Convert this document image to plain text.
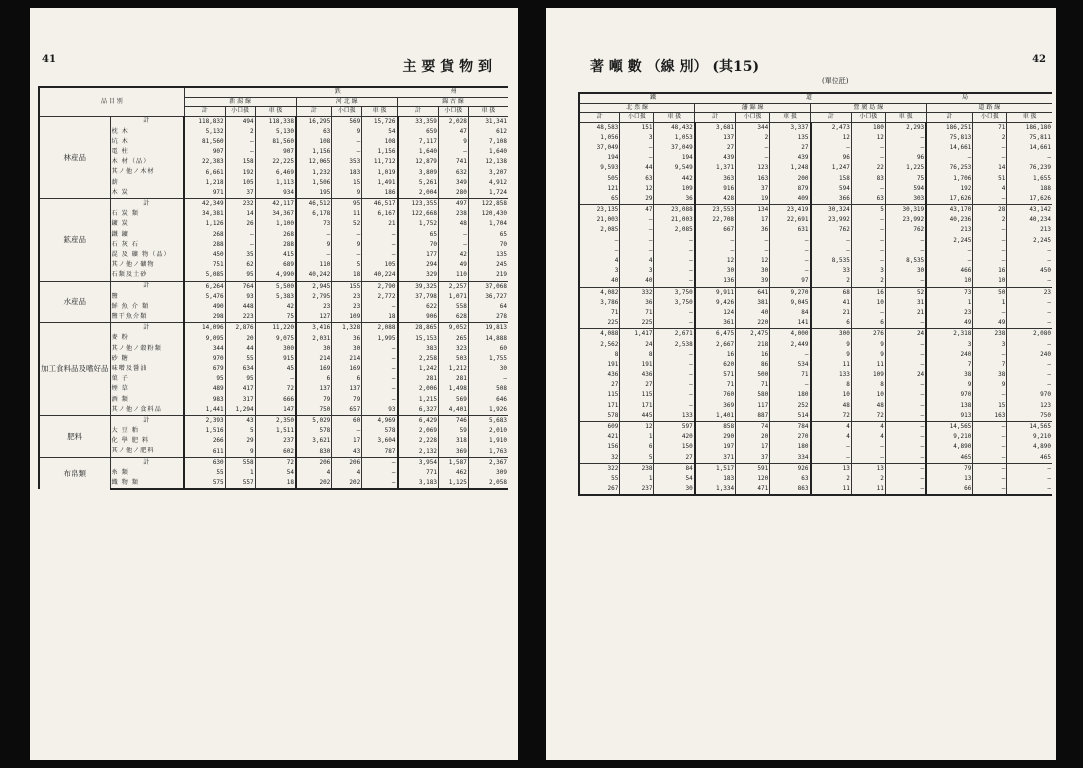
41	主 要 貨 物 到
品 目 別		鉄 州								
		新 潟 線			河 北 線			錦 古 線		
		計	小口扱	車 扱	計	小口扱	車 扱	計	小口扱	車 扱
林産品	計	118,832	494	118,338	16,295	569	15,726	33,359	2,028	31,341
	枕 木	5,132	2	5,130	63	9	54	659	47	612
	坑 木	81,560	—	81,560	108	—	108	7,117	9	7,108
	電 柱	907	—	907	1,156	—	1,156	1,640	—	1,640
	木 材（品）	22,383	158	22,225	12,065	353	11,712	12,879	741	12,138
	其ノ他ノ木材	6,661	192	6,469	1,232	183	1,019	3,809	632	3,207
	薪	1,218	105	1,113	1,506	15	1,491	5,261	349	4,912
	木 炭	971	37	934	195	9	186	2,004	280	1,724
鉱産品	計	42,349	232	42,117	46,512	95	46,517	123,355	497	122,858
	石 炭 類	34,381	14	34,367	6,178	11	6,167	122,668	238	120,430
	鑛 炭	1,126	26	1,100	73	52	21	1,752	48	1,704
	鐵 鑛	268	—	268	—	—	—	65	—	65
	石 灰 石	288	—	288	9	9	—	70	—	70
	混 及 礦 物（品）	450	35	415	—	—	—	177	42	135
	其ノ他ノ礦物	751	62	689	110	5	105	294	49	245
	石類及土砂	5,085	95	4,990	40,242	18	40,224	329	110	219
水産品	計	6,264	764	5,500	2,945	155	2,790	39,325	2,257	37,068
	鹽	5,476	93	5,383	2,795	23	2,772	37,798	1,071	36,727
	鮮 魚 介 類	490	448	42	23	23	—	622	558	64
	鹽干魚介類	298	223	75	127	109	18	906	628	278
加工食料品及嗜好品	計	14,096	2,876	11,220	3,416	1,328	2,088	28,865	9,052	19,813
	麥 粉	9,095	20	9,075	2,031	36	1,995	15,153	265	14,888
	其ノ他ノ穀粉類	344	44	300	30	30	—	383	323	60
	砂 糖	970	55	915	214	214	—	2,258	503	1,755
	味噌及醤油	679	634	45	169	169	—	1,242	1,212	30
	菓 子	95	95	—	6	6	—	281	281	—
	煙 草	489	417	72	137	137	—	2,006	1,498	508
	酒 類	983	317	666	79	79	—	1,215	569	646
	其ノ他ノ食料品	1,441	1,294	147	750	657	93	6,327	4,401	1,926
肥料	計	2,393	43	2,350	5,029	60	4,969	6,429	746	5,683
	大 豆 粕	1,516	5	1,511	578	—	578	2,069	59	2,010
	化 學 肥 料	266	29	237	3,621	17	3,604	2,228	318	1,910
	其ノ他ノ肥料	611	9	602	830	43	787	2,132	369	1,763
布帛類	計	630	558	72	206	206	—	3,954	1,587	2,367
	糸 類	55	1	54	4	4	—	771	462	309
	織 物 類	575	557	18	202	202	—	3,183	1,125	2,058
著 噸 數 （線 別） (其15)
(單位瓩)
42
鐵 道 局											
北 票 線			瀋 錦 線			營 廣 島 線			道 路 線		
計	小口扱	車 扱	計	小口扱	車 扱	計	小口扱	車 扱	計	小口扱	車 扱
48,583	151	48,432	3,681	344	3,337	2,473	180	2,293	186,251	71	186,180
1,056	3	1,053	137	2	135	12	12	—	75,813	2	75,811
37,049	—	37,049	27	—	27	—	—	—	14,661	—	14,661
194	—	194	439	—	439	96	—	96	—	—	—
9,593	44	9,549	1,371	123	1,248	1,247	22	1,225	76,253	14	76,239
505	63	442	363	163	200	158	83	75	1,706	51	1,655
121	12	109	916	37	879	594	—	594	192	4	188
65	29	36	428	19	409	366	63	303	17,626	—	17,626
23,135	47	23,088	23,553	134	23,419	30,324	5	30,319	43,170	28	43,142
21,003	—	21,003	22,708	17	22,691	23,992	—	23,992	40,236	2	40,234
2,085	—	2,085	667	36	631	762	—	762	213	—	213
—	—	—	—	—	—	—	—	—	2,245	—	2,245
—	—	—	—	—	—	—	—	—	—	—	—
4	4	—	12	12	—	8,535	—	8,535	—	—	—
3	3	—	30	30	—	33	3	30	466	16	450
40	40	—	136	39	97	2	2	—	10	10	—
4,082	332	3,750	9,911	641	9,270	68	16	52	73	50	23
3,786	36	3,750	9,426	381	9,045	41	10	31	1	1	—
71	71	—	124	40	84	21	—	21	23	—	—
225	225	—	361	220	141	6	6	—	49	49	—
4,088	1,417	2,671	6,475	2,475	4,000	300	276	24	2,318	238	2,080
2,562	24	2,538	2,667	218	2,449	9	9	—	3	3	—
8	8	—	16	16	—	9	9	—	240	—	240
191	191	—	620	86	534	11	11	—	7	7	—
436	436	—	571	500	71	133	109	24	38	38	—
27	27	—	71	71	—	8	8	—	9	9	—
115	115	—	760	580	180	10	10	—	970	—	970
171	171	—	369	117	252	48	48	—	138	15	123
578	445	133	1,401	887	514	72	72	—	913	163	750
609	12	597	858	74	784	4	4	—	14,565	—	14,565
421	1	420	290	20	270	4	4	—	9,210	—	9,210
156	6	150	197	17	180	—	—	—	4,890	—	4,890
32	5	27	371	37	334	—	—	—	465	—	465
322	238	84	1,517	591	926	13	13	—	79	—	—
55	1	54	183	120	63	2	2	—	13	—	—
267	237	30	1,334	471	863	11	11	—	66	—	—
